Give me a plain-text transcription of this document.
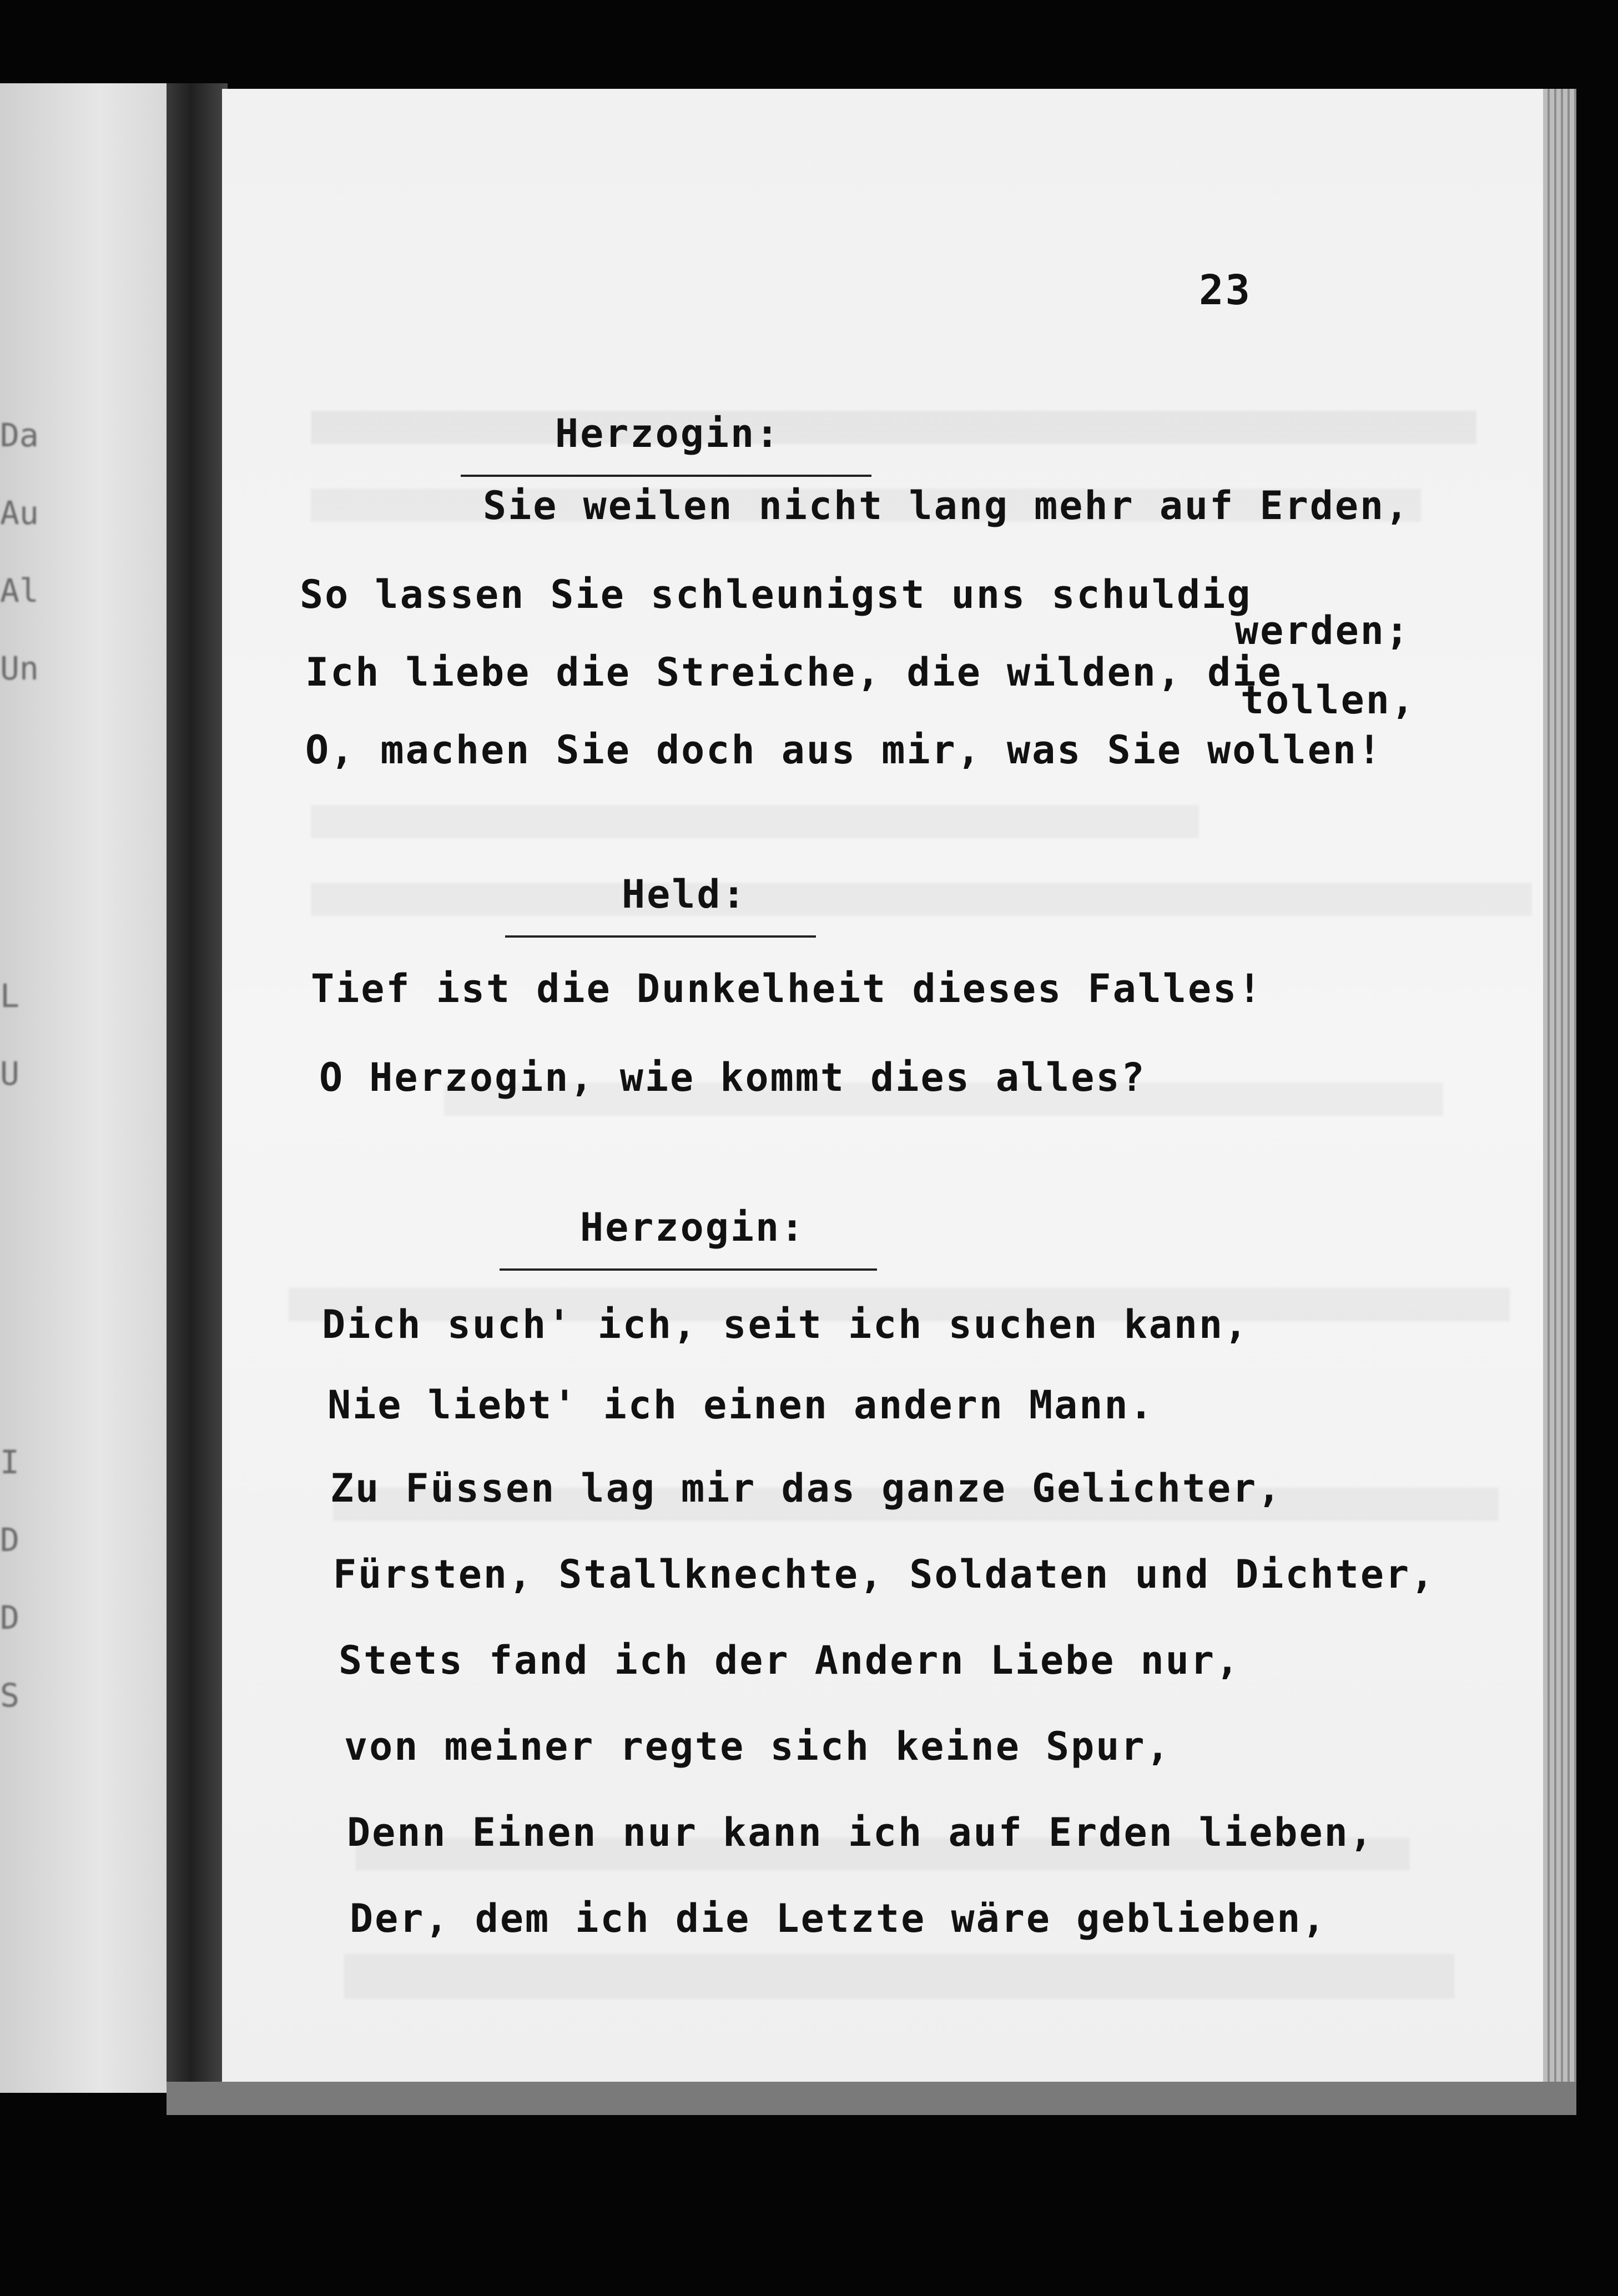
Da
Au
Al
Un
L
U
I
D
D
S
23
Herzogin:
Sie weilen nicht lang mehr auf Erden,
So lassen Sie schleunigst uns schuldig
werden;
Ich liebe die Streiche, die wilden, die
tollen,
O, machen Sie doch aus mir, was Sie wollen!
Held:
Tief ist die Dunkelheit dieses Falles!
O Herzogin, wie kommt dies alles?
Herzogin:
Dich such' ich, seit ich suchen kann,
Nie liebt' ich einen andern Mann.
Zu Füssen lag mir das ganze Gelichter,
Fürsten, Stallknechte, Soldaten und Dichter,
Stets fand ich der Andern Liebe nur,
von meiner regte sich keine Spur,
Denn Einen nur kann ich auf Erden lieben,
Der, dem ich die Letzte wäre geblieben,
